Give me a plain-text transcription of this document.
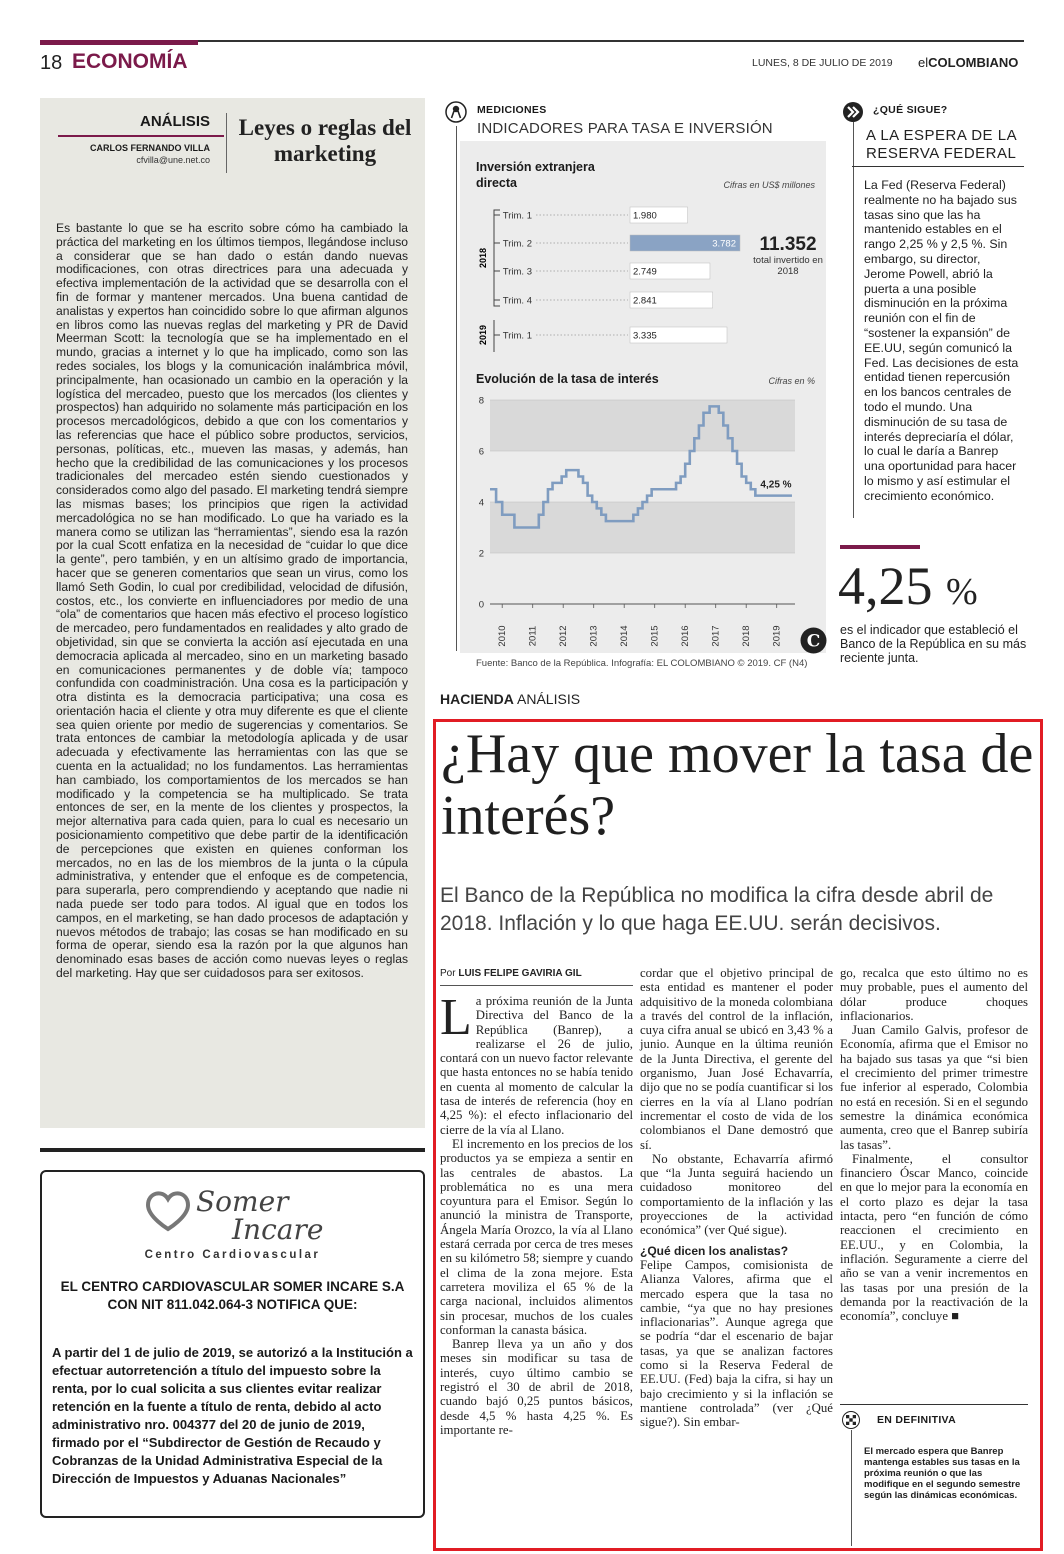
18 ECONOMÍA	LUNES, 8 DE JULIO DE 2019 elCOLOMBIANO
ANÁLISIS
CARLOS FERNANDO VILLA
cfvilla@une.net.co
Leyes o reglas del marketing
Es bastante lo que se ha escrito sobre cómo ha cambiado la práctica del marketing en los últimos tiempos, llegándose inclusо a considerar que se han dado o están dando nuevas modificaciones, con otras directrices para una adecuada y efectiva implementación de la actividad que se desarrolla con el fin de formar y mantener mercados. Una buena cantidad de analistas y expertos han coincidido sobre lo que afirman algunos en libros como las nuevas reglas del marketing y PR de David Meerman Scott: la tecnología que se ha implementado en el mundo, gracias a internet y lo que ha implicado, como son las redes sociales, los blogs y la comunicación inalámbrica móvil, principalmente, han ocasionado un cambio en la operación y la logística del mercadeo, puesto que los mercados (los clientes y prospectos) han adquirido no solamente más participación en los procesos mercadológicos, debido a que con los comentarios y las referencias que hace el público sobre productos, servicios, personas, políticas, etc., mueven las masas, y además, han hecho que la credibilidad de las comunicaciones y los procesos tradicionales del mercadeo estén siendo cuestionados y considerados como algo del pasado. El marketing tendrá siempre las mismas bases; los principios que rigen la actividad mercadológica no se han modificado. Lo que ha variado es la manera como se utilizan las “herramientas”, siendo esa la razón por la cual Scott enfatiza en la necesidad de “cuidar lo que dice la gente”, pero también, y en un altísimo grado de importancia, hacer que se generen comentarios que sean un virus, como los llamó Seth Godin, lo cual por credibilidad, velocidad de difusión, costos, etc., los convierte en influenciadores por medio de una “ola” de comentarios que hacen más efectivo el proceso logístico de mercadeo, pero fundamentados en realidades y alto grado de objetividad, sin que se convierta la acción así ejecutada en una democracia aplicada al mercadeo, sino en un marketing basado en comunicaciones permanentes y de doble vía; tampoco confundida con coadministración. Una cosa es la participación y otra distinta es la democracia participativa; una cosa es orientación hacia el cliente y otra muy diferente es que el cliente sea quien oriente por medio de sugerencias y comentarios. Se trata entonces de cambiar la metodología aplicada y de usar adecuada y efectivamente las herramientas con las que se cuenta en la actualidad; no los fundamentos. Las herramientas han cambiado, los comportamientos de los mercados se han modificado y la competencia se ha multiplicado. Se trata entonces de ser, en la mente de los clientes y prospectos, la mejor alternativa para cada quien, para lo cual es necesario un posicionamiento competitivo que debe partir de la identificación de percepciones que existen en quienes conforman los mercados, no en las de los miembros de la junta o la cúpula administrativa, y entender que el enfoque es de competencia, para superarla, pero comprendiendo y aceptando que nadie ni nada puede ser todo para todos. Al igual que en todos los campos, en el marketing, se han dado procesos de adaptación y nuevos métodos de trabajo; las cosas se han modificado en su forma de operar, siendo esa la razón por la que algunos han denominado esas bases de acción como nuevas leyes o reglas del marketing. Hay que ser cuidadosos para ser exitosos.
Somer
Incare
Centro Cardiovascular
EL CENTRO CARDIOVASCULAR SOMER INCARE S.A CON NIT 811.042.064-3 NOTIFICA QUE:
A partir del 1 de julio de 2019, se autorizó a la Institución a efectuar autorretención a título del impuesto sobre la renta, por lo cual solicita a sus clientes evitar realizar retención en la fuente a título de renta, debido al acto administrativo nro. 004377 del 20 de junio de 2019, firmado por el “Subdirector de Gestión de Recaudo y Cobranzas de la Unidad Administrativa Especial de la Dirección de Impuestos y Aduanas Nacionales”
MEDICIONES
INDICADORES PARA TASA E INVERSIÓN
Inversión extranjera directa	Cifras en US$ millones
2018
2019
Trim. 1	1.980
Trim. 2	3.782
Trim. 3	2.749
Trim. 4	2.841
Trim. 1	3.335
11.352
total invertido en 2018
Evolución de la tasa de interés	Cifras en %
0
2
4
6
8
2010 2011 2012 2013 2014 2015 2016 2017 2018 2019
4,25 %
Fuente: Banco de la República. Infografía: EL COLOMBIANO © 2019. CF (N4)
C
¿QUÉ SIGUE?
A LA ESPERA DE LA RESERVA FEDERAL
La Fed (Reserva Federal) realmente no ha bajado sus tasas sino que las ha mantenido estables en el rango 2,25 % y 2,5 %. Sin embargo, su director, Jerome Powell, abrió la puerta a una posible disminución en la próxima reunión con el fin de “sostener la expansión” de EE.UU, según comunicó la Fed. Las decisiones de esta entidad tienen repercusión en los bancos centrales de todo el mundo. Una disminución de su tasa de interés depreciaría el dólar, lo cual le daría a Banrep una oportunidad para hacer lo mismo y así estimular el crecimiento económico.
4,25 %
es el indicador que estableció el Banco de la República en su más reciente junta.
HACIENDA ANÁLISIS
¿Hay que mover la tasa de interés?
El Banco de la República no modifica la cifra desde abril de 2018. Inflación y lo que haga EE.UU. serán decisivos.
Por LUIS FELIPE GAVIRIA GIL

La próxima reunión de la Junta Directiva del Banco de la República (Banrep), a realizarse el 26 de julio, contará con un nuevo factor relevante que hasta entonces no se había tenido en cuenta al momento de calcular la tasa de interés de referencia (hoy en 4,25 %): el efecto inflacionario del cierre de la vía al Llano.

El incremento en los precios de los productos ya se empieza a sentir en las centrales de abastos. La problemática no es una mera coyuntura para el Emisor. Según lo anunció la ministra de Transporte, Ángela María Orozco, la vía al Llano estará cerrada por cerca de tres meses en su kilómetro 58; siempre y cuando el clima de la zona mejore. Esta carretera moviliza el 65 % de la carga nacional, incluidos alimentos sin procesar, muchos de los cuales conforman la canasta básica.

Banrep lleva ya un año y dos meses sin modificar su tasa de interés, cuyo último cambio se registró el 30 de abril de 2018, cuando bajó 0,25 puntos básicos, desde 4,5 % hasta 4,25 %. Es importante re-

cordar que el objetivo principal de esta entidad es mantener el poder adquisitivo de la moneda colombiana a través del control de la inflación, cuya cifra anual se ubicó en 3,43 % a junio. Aunque en la última reunión de la Junta Directiva, el gerente del organismo, Juan José Echavarría, dijo que no se podía cuantificar si los cierres en la vía al Llano podrían incrementar el costo de vida de los colombianos el Dane demostró que sí.

No obstante, Echavarría afirmó que “la Junta seguirá haciendo un cuidadoso monitoreo del comportamiento de la inflación y las proyecciones de la actividad económica” (ver Qué sigue).

¿Qué dicen los analistas?

Felipe Campos, comisionista de Alianza Valores, afirma que el mercado espera que la tasa no cambie, “ya que no hay presiones inflacionarias”. Aunque agrega que se podría “dar el escenario de bajar tasas, ya que se analizan factores como si la Reserva Federal de EE.UU. (Fed) baja la cifra, si hay un bajo crecimiento y si la inflación se mantiene controlada” (ver ¿Qué sigue?). Sin embar-

go, recalca que esto último no es muy probable, pues el aumento del dólar produce choques inflacionarios.

Juan Camilo Galvis, profesor de Economía, afirma que el Emisor no ha bajado sus tasas ya que “si bien el crecimiento del primer trimestre fue inferior al esperado, Colombia no está en recesión. Si en el segundo semestre la dinámica económica aumenta, creo que el Banrep subiría las tasas”.

Finalmente, el consultor financiero Óscar Manco, coincide en que lo mejor para la economía en el corto plazo es dejar la tasa intacta, pero “en función de cómo reaccionen el crecimiento en EE.UU., y en Colombia, la inflación. Seguramente a cierre del año se van a venir incrementos en las tasas por una presión de la demanda por la reactivación de la economía”, concluye ■

EN DEFINITIVA
El mercado espera que Banrep mantenga estables sus tasas en la próxima reunión o que las modifique en el segundo semestre según las dinámicas económicas.
